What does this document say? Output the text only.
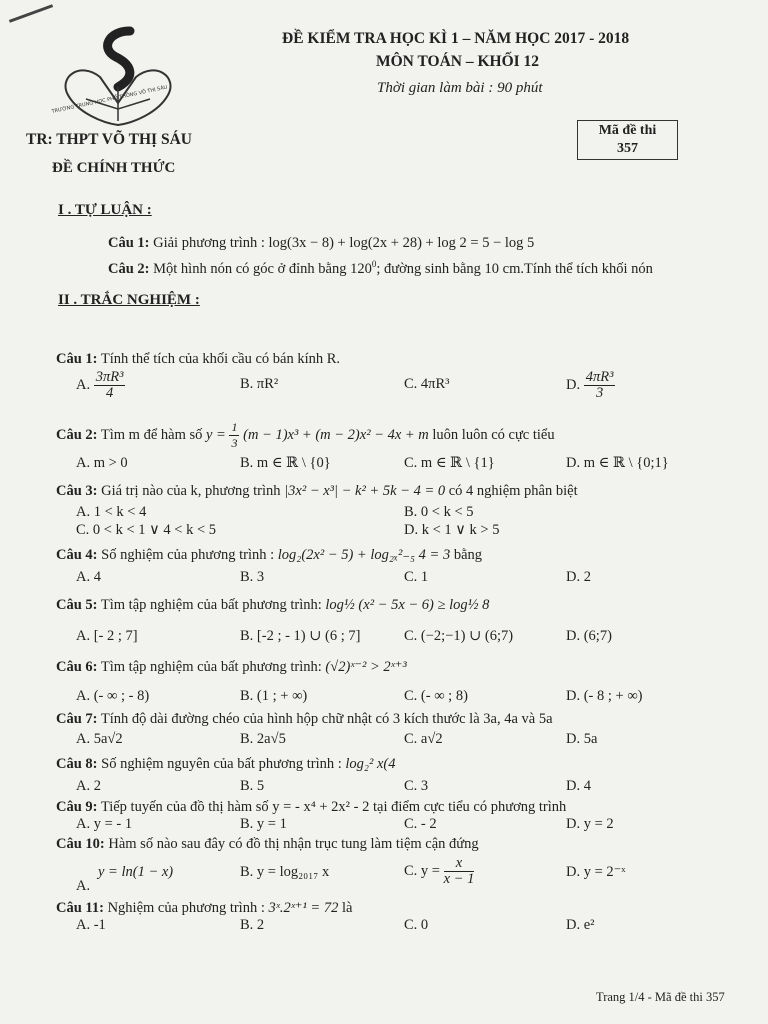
TRƯỜNG TRUNG HỌC PHỔ THÔNG VÕ THỊ SÁU
ĐỀ KIỂM TRA HỌC KÌ 1 – NĂM HỌC 2017 - 2018
MÔN TOÁN – KHỐI 12
Thời gian làm bài : 90 phút
TR: THPT VÕ THỊ SÁU
ĐỀ CHÍNH THỨC
Mã đề thi
357
I . TỰ LUẬN :
Câu 1: Giải phương trình : log(3x − 8) + log(2x + 28) + log 2 = 5 − log 5
Câu 2: Một hình nón có góc ở đỉnh bằng $120^0$; đường sinh bằng 10 cm.Tính thể tích khối nón
II . TRẮC NGHIỆM :
Câu 1: Tính thể tích của khối cầu có bán kính R.
A. $\frac{\text{3πR³}}{4}$	B. πR²	C. 4πR³	D. $\frac{\text{4πR³}}{3}$
Câu 2: Tìm m để hàm số $y = \frac{1}{3} (m - 1)x^3 + (m - 2)x^2 - 4x + m$ luôn luôn có cực tiểu
A. m > 0	B. m ∈ ℝ \ {0}	C. m ∈ ℝ \ {1}	D. m ∈ ℝ \ {0;1}
Câu 3: Giá trị nào của k, phương trình |3x² − x³| − k² + 5k − 4 = 0 có 4 nghiệm phân biệt
A. 1 < k < 4	B. 0 < k < 5
C. 0 < k < 1 ∨ 4 < k < 5	D. k < 1 ∨ k > 5
Câu 4: Số nghiệm của phương trình : log₂(2x² − 5) + log₂ₓ²₋₅ 4 = 3 bằng
A. 4	B. 3	C. 1	D. 2
Câu 5: Tìm tập nghiệm của bất phương trình: log½ (x² − 5x − 6) ≥ log½ 8
A. [- 2 ; 7]	B. [-2 ; - 1) ∪ (6 ; 7]	C. (−2;−1) ∪ (6;7)	D. (6;7)
Câu 6: Tìm tập nghiệm của bất phương trình: (√2)ˣ⁻² > 2ˣ⁺³
A. (- ∞ ; - 8)	B. (1 ; + ∞)	C. (- ∞ ; 8)	D. (- 8 ; + ∞)
Câu 7: Tính độ dài đường chéo của hình hộp chữ nhật có 3 kích thước là 3a, 4a và 5a
A. 5a√2	B. 2a√5	C. a√2	D. 5a
Câu 8: Số nghiệm nguyên của bất phương trình : log₂² x(4
A. 2	B. 5	C. 3	D. 4
Câu 9: Tiếp tuyến của đồ thị hàm số y = - x⁴ + 2x² - 2 tại điểm cực tiểu có phương trình
A. y = - 1	B. y = 1	C. - 2	D. y = 2
Câu 10: Hàm số nào sau đây có đồ thị nhận trục tung làm tiệm cận đứng
y = ln(1 − x)
A.
B. y = log₂₀₁₇ x	C. $y = \frac{x}{x - 1}$	D. y = 2⁻ˣ
Câu 11: Nghiệm của phương trình : 3ˣ.2ˣ⁺¹ = 72 là
A. -1	B. 2	C. 0	D. e²
Trang 1/4 - Mã đề thi 357
